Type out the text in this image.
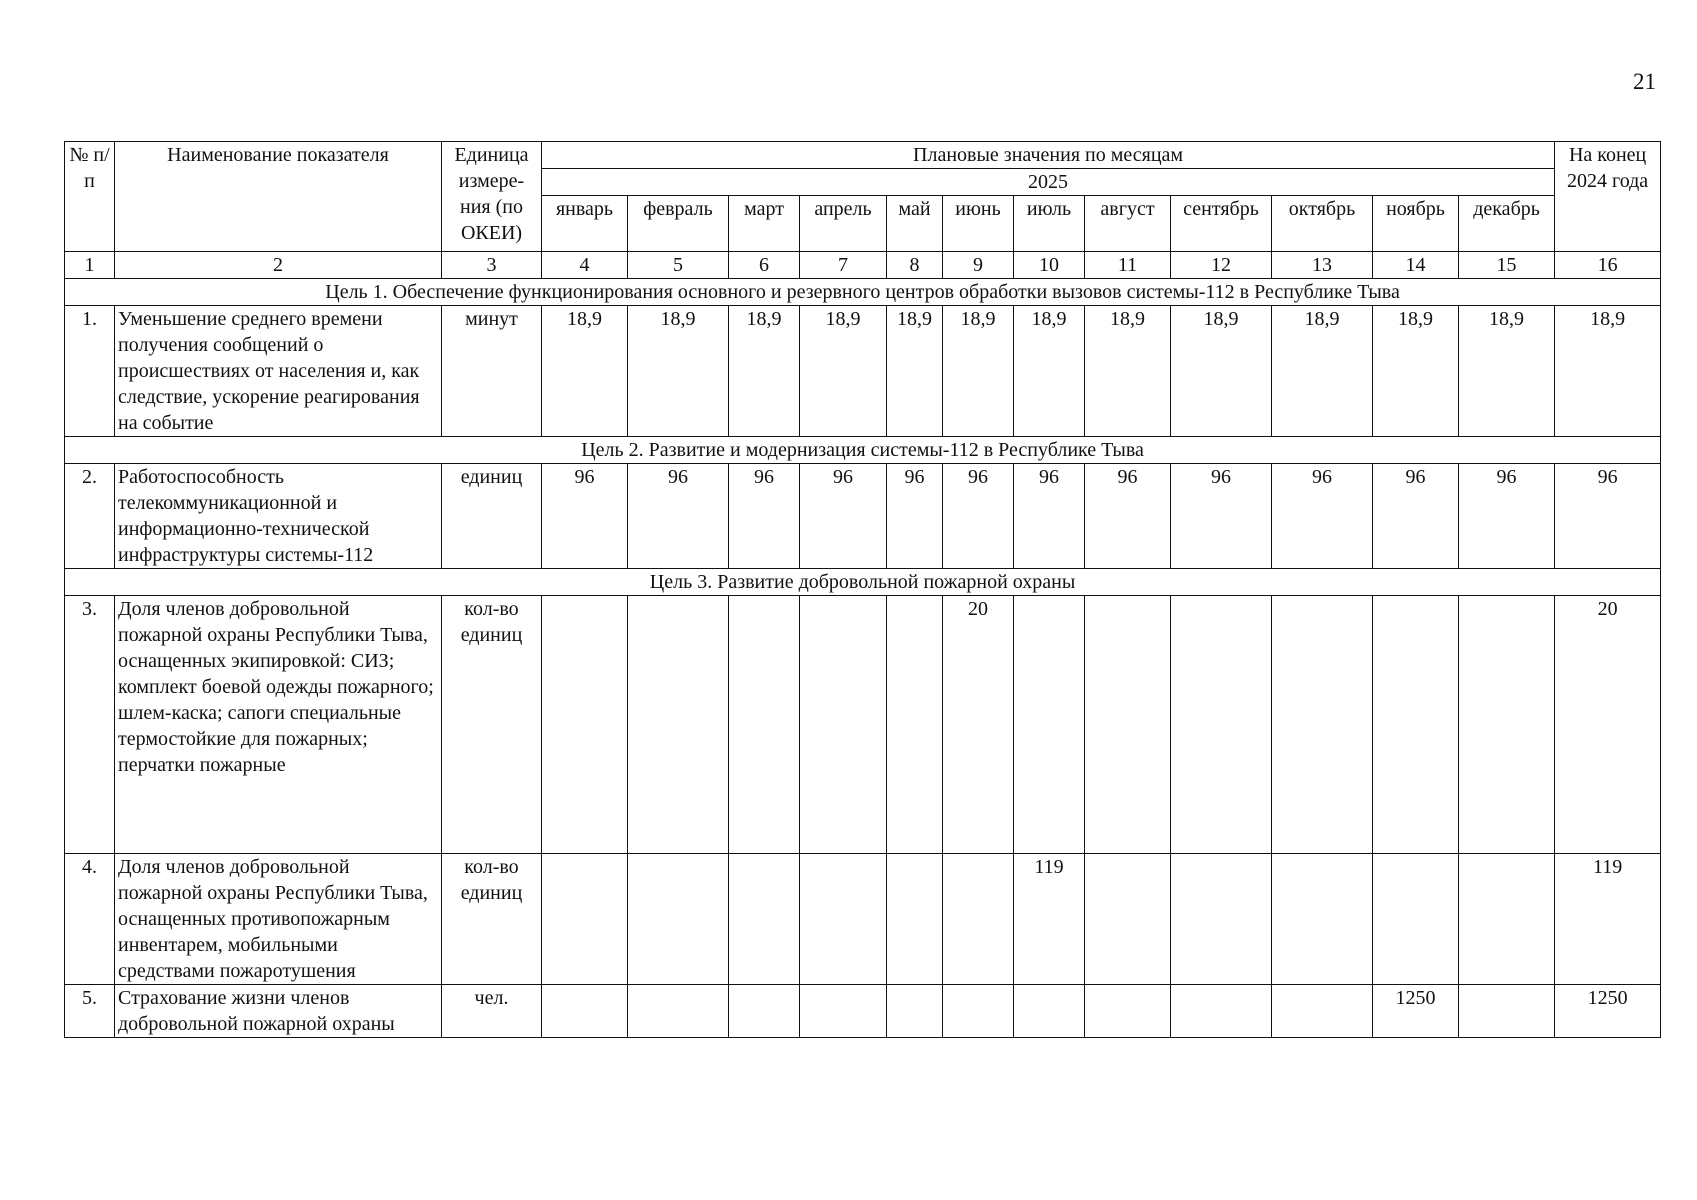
21
№ п/п	Наименование показателя	Единица измере- ния (по ОКЕИ)	Плановые значения по месяцам												На конец 2024 года
			2025												
			январь	февраль	март	апрель	май	июнь	июль	август	сентябрь	октябрь	ноябрь	декабрь	
1	2	3	4	5	6	7	8	9	10	11	12	13	14	15	16
Цель 1. Обеспечение функционирования основного и резервного центров обработки вызовов системы-112 в Республике Тыва															
1.	Уменьшение среднего времени получения сообщений о происшествиях от населения и, как следствие, ускорение реагирования на событие	минут	18,9	18,9	18,9	18,9	18,9	18,9	18,9	18,9	18,9	18,9	18,9	18,9	18,9
Цель 2. Развитие и модернизация системы-112 в Республике Тыва															
2.	Работоспособность телекоммуникационной и информационно-технической инфраструктуры системы-112	единиц	96	96	96	96	96	96	96	96	96	96	96	96	96
Цель 3. Развитие добровольной пожарной охраны															
3.	Доля членов добровольной пожарной охраны Республики Тыва, оснащенных экипировкой: СИЗ; комплект боевой одежды пожарного; шлем-каска; сапоги специальные термостойкие для пожарных; перчатки пожарные	кол-во единиц						20							20
4.	Доля членов добровольной пожарной охраны Республики Тыва, оснащенных противопожарным инвентарем, мобильными средствами пожаротушения	кол-во единиц							119						119
5.	Страхование жизни членов добровольной пожарной охраны	чел.											1250		1250
